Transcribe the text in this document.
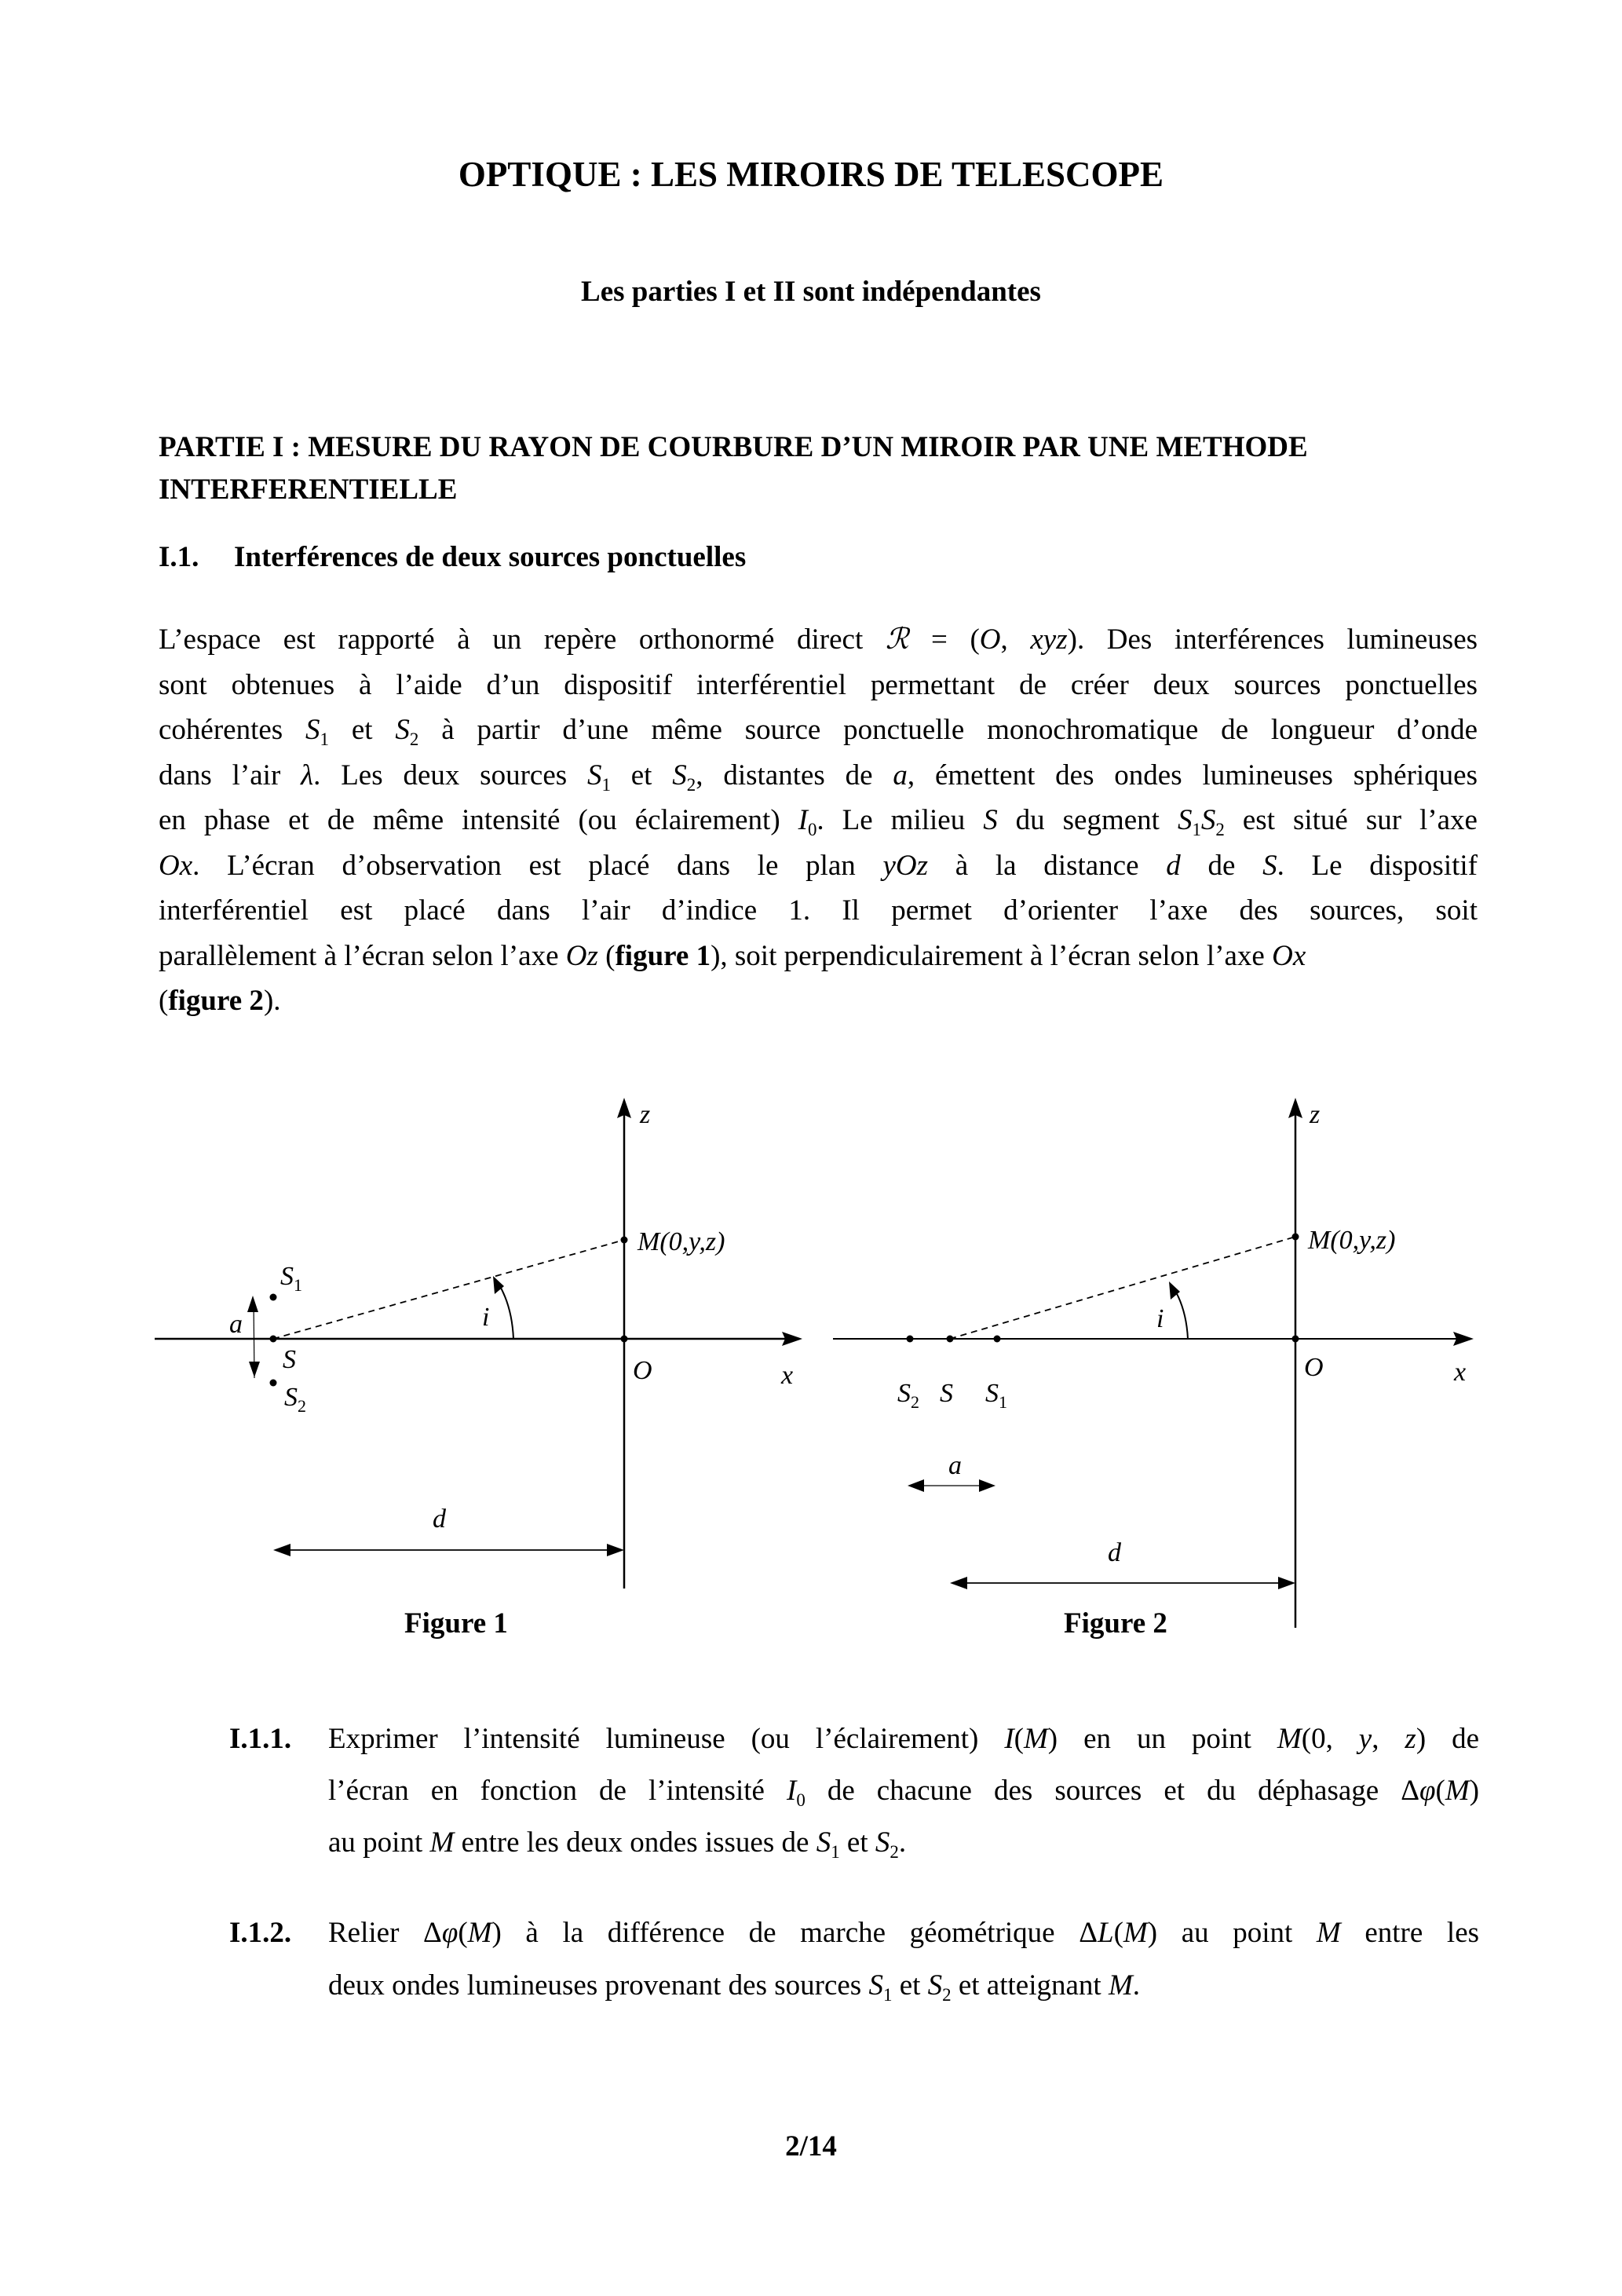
OPTIQUE : LES MIROIRS DE TELESCOPE
Les parties I et II sont indépendantes
PARTIE I : MESURE DU RAYON DE COURBURE D’UN MIROIR PAR UNE METHODE INTERFERENTIELLE
I.1. Interférences de deux sources ponctuelles
L’espace est rapporté à un repère orthonormé direct ℛ = (O, xyz). Des interférences lumineuses
sont obtenues à l’aide d’un dispositif interférentiel permettant de créer deux sources ponctuelles
cohérentes $S_1$ et $S_2$ à partir d’une même source ponctuelle monochromatique de longueur d’onde
dans l’air λ. Les deux sources $S_1$ et $S_2$, distantes de a, émettent des ondes lumineuses sphériques
en phase et de même intensité (ou éclairement) $I_0$. Le milieu S du segment $S_1S_2$ est situé sur l’axe
Ox. L’écran d’observation est placé dans le plan yOz à la distance d de S. Le dispositif
interférentiel est placé dans l’air d’indice 1. Il permet d’orienter l’axe des sources, soit
parallèlement à l’écran selon l’axe Oz (figure 1), soit perpendiculairement à l’écran selon l’axe Ox
(figure 2).
z
x
O
M(0,y,z)
i
a
d
S
$S_1$
$S_2$
z
x
O
M(0,y,z)
i
$S_2$ S $S_1$
a
d
Figure 1	Figure 2
I.1.1. Exprimer l’intensité lumineuse (ou l’éclairement) I(M) en un point M(0, y, z) de
l’écran en fonction de l’intensité $I_0$ de chacune des sources et du déphasage Δφ(M)
au point M entre les deux ondes issues de $S_1$ et $S_2$.
I.1.2. Relier Δφ(M) à la différence de marche géométrique ΔL(M) au point M entre les
deux ondes lumineuses provenant des sources $S_1$ et $S_2$ et atteignant M.
2/14
